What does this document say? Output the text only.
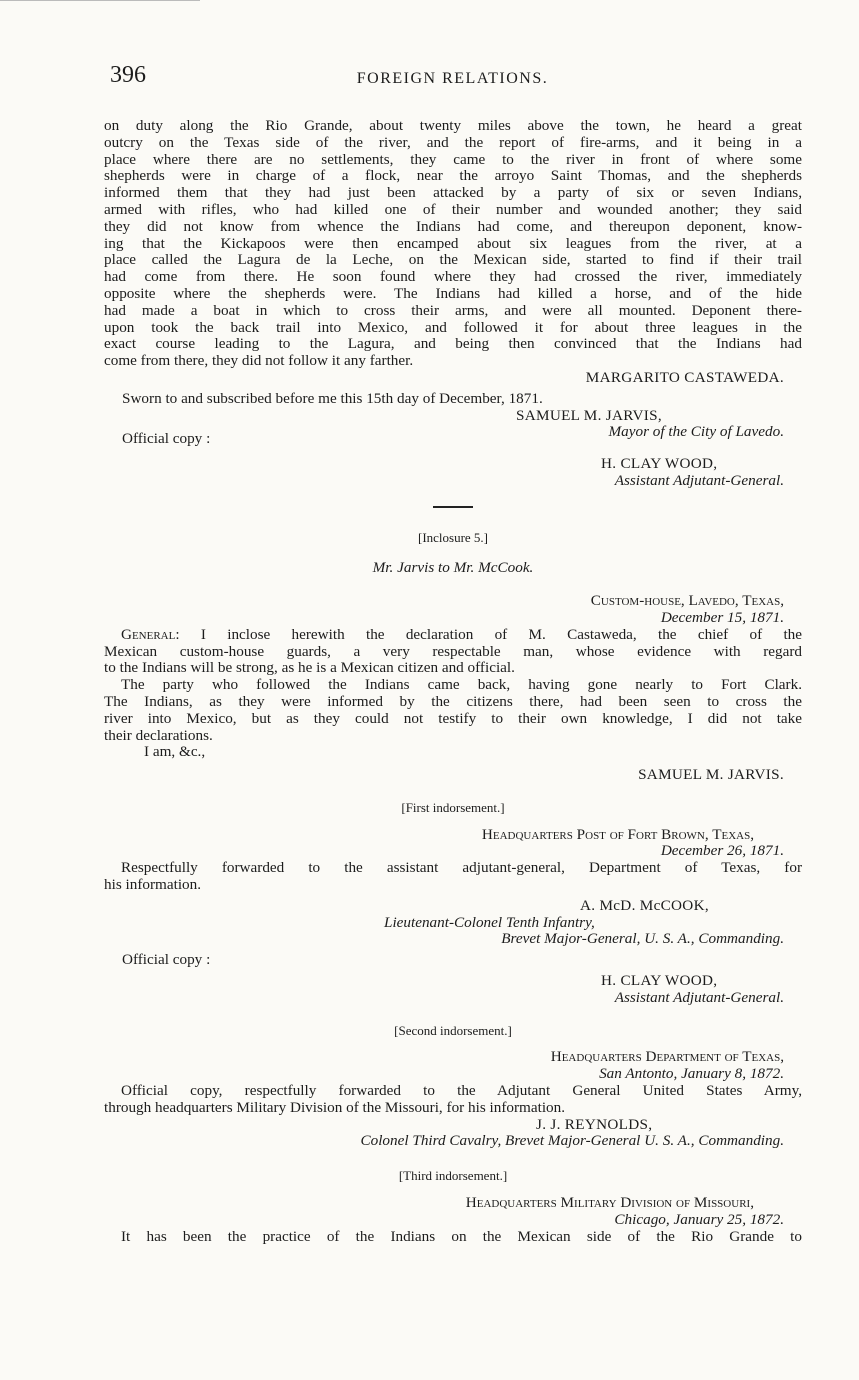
396	FOREIGN RELATIONS.

on duty along the Rio Grande, about twenty miles above the town, he heard a great

outcry on the Texas side of the river, and the report of fire-arms, and it being in a

place where there are no settlements, they came to the river in front of where some

shepherds were in charge of a flock, near the arroyo Saint Thomas, and the shepherds

informed them that they had just been attacked by a party of six or seven Indians,

armed with rifles, who had killed one of their number and wounded another; they said

they did not know from whence the Indians had come, and thereupon deponent, know-

ing that the Kickapoos were then encamped about six leagues from the river, at a

place called the Lagura de la Leche, on the Mexican side, started to find if their trail

had come from there. He soon found where they had crossed the river, immediately

opposite where the shepherds were. The Indians had killed a horse, and of the hide

had made a boat in which to cross their arms, and were all mounted. Deponent there-

upon took the back trail into Mexico, and followed it for about three leagues in the

exact course leading to the Lagura, and being then convinced that the Indians had

come from there, they did not follow it any farther.

MARGARITO CASTAWEDA.

Sworn to and subscribed before me this 15th day of December, 1871.

SAMUEL M. JARVIS,

Mayor of the City of Lavedo.

Official copy :

H. CLAY WOOD,

Assistant Adjutant-General.

[Inclosure 5.]

Mr. Jarvis to Mr. McCook.

Custom-house, Lavedo, Texas,

December 15, 1871.

General: I inclose herewith the declaration of M. Castaweda, the chief of the

Mexican custom-house guards, a very respectable man, whose evidence with regard

to the Indians will be strong, as he is a Mexican citizen and official.

The party who followed the Indians came back, having gone nearly to Fort Clark.

The Indians, as they were informed by the citizens there, had been seen to cross the

river into Mexico, but as they could not testify to their own knowledge, I did not take

their declarations.

I am, &c.,

SAMUEL M. JARVIS.

[First indorsement.]

Headquarters Post of Fort Brown, Texas,

December 26, 1871.

Respectfully forwarded to the assistant adjutant-general, Department of Texas, for

his information.

A. McD. McCOOK,

Lieutenant-Colonel Tenth Infantry,

Brevet Major-General, U. S. A., Commanding.

Official copy :

H. CLAY WOOD,

Assistant Adjutant-General.

[Second indorsement.]

Headquarters Department of Texas,

San Antonto, January 8, 1872.

Official copy, respectfully forwarded to the Adjutant General United States Army,

through headquarters Military Division of the Missouri, for his information.

J. J. REYNOLDS,

Colonel Third Cavalry, Brevet Major-General U. S. A., Commanding.

[Third indorsement.]

Headquarters Military Division of Missouri,

Chicago, January 25, 1872.

It has been the practice of the Indians on the Mexican side of the Rio Grande to
